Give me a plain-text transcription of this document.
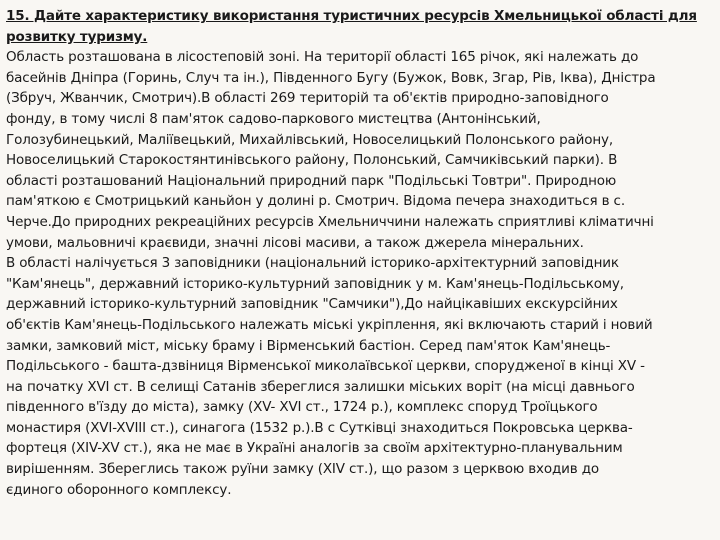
15. Дайте характеристику використання туристичних ресурсів Хмельницької області для
розвитку туризму.
Область розташована в лісостеповій зоні. На території області 165 річок, які належать до
басейнів Дніпра (Горинь, Случ та ін.), Південного Бугу (Бужок, Вовк, Згар, Рів, Іква), Дністра
(Збруч, Жванчик, Смотрич).В області 269 територій та об'єктів природно-заповідного
фонду, в тому числі 8 пам'яток садово-паркового мистецтва (Антонінський,
Голозубинецький, Маліївецький, Михайлівський, Новоселицький Полонського району,
Новоселицький Старокостянтинівського району, Полонський, Самчиківський парки). В
області розташований Національний природний парк "Подільські Товтри". Природною
пам'яткою є Смотрицький каньйон у долині р. Смотрич. Відома печера знаходиться в с.
Черче.До природних рекреаційних ресурсів Хмельниччини належать сприятливі кліматичні
умови, мальовничі краєвиди, значні лісові масиви, а також джерела мінеральних.
В області налічується 3 заповідники (національний історико-архітектурний заповідник
"Кам'янець", державний історико-культурний заповідник у м. Кам'янець-Подільському,
державний історико-культурний заповідник "Самчики"),До найцікавіших екскурсійних
об'єктів Кам'янець-Подільського належать міські укріплення, які включають старий і новий
замки, замковий міст, міську браму і Вірменський бастіон. Серед пам'яток Кам'янець-
Подільського - башта-дзвіниця Вірменської миколаївської церкви, спорудженої в кінці XV -
на початку XVI ст. В селищі Сатанів збереглися залишки міських воріт (на місці давнього
південного в'їзду до міста), замку (XV- XVI ст., 1724 р.), комплекс споруд Троїцького
монастиря (XVI-XVIII ст.), синагога (1532 р.).В с Сутківці знаходиться Покровська церква-
фортеця (XIV-XV ст.), яка не має в Україні аналогів за своїм архітектурно-планувальним
вирішенням. Збереглись також руїни замку (XIV ст.), що разом з церквою входив до
єдиного оборонного комплексу.
